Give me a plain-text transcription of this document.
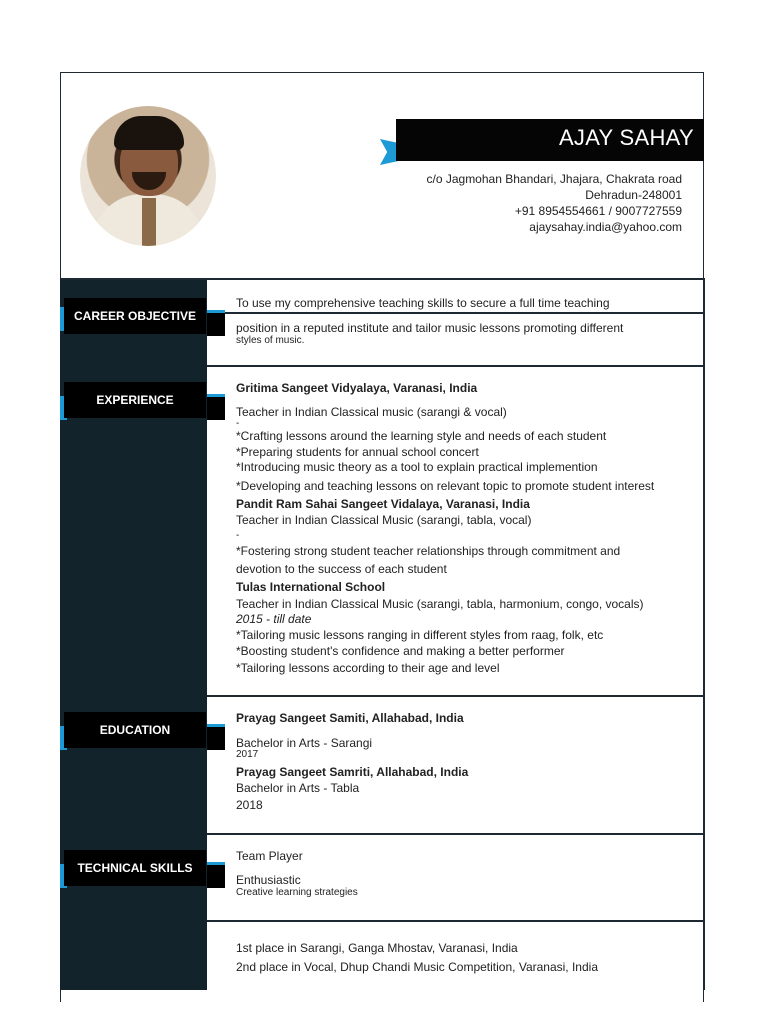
AJAY SAHAY
c/o Jagmohan Bhandari, Jhajara, Chakrata road
Dehradun-248001
+91 8954554661 / 9007727559
ajaysahay.india@yahoo.com
CAREER OBJECTIVE
EXPERIENCE
EDUCATION
TECHNICAL SKILLS
To use my comprehensive teaching skills to secure a full time teaching
position in a reputed institute and tailor music lessons promoting different
styles of music.
Gritima Sangeet Vidyalaya, Varanasi, India
Teacher in Indian Classical music (sarangi & vocal)
-
*Crafting lessons around the learning style and needs of each student
*Preparing students for annual school concert
*Introducing music theory as a tool to explain practical implemention
*Developing and teaching lessons on relevant topic to promote student interest
Pandit Ram Sahai Sangeet Vidalaya, Varanasi, India
Teacher in Indian Classical Music (sarangi, tabla, vocal)
-
*Fostering strong student teacher relationships through commitment and
devotion to the success of each student
Tulas International School
Teacher in Indian Classical Music (sarangi, tabla, harmonium, congo, vocals)
2015 - till date
*Tailoring music lessons ranging in different styles from raag, folk, etc
*Boosting student's confidence and making a better performer
*Tailoring lessons according to their age and level
Prayag Sangeet Samiti, Allahabad, India
Bachelor in Arts - Sarangi
2017
Prayag Sangeet Samriti, Allahabad, India
Bachelor in Arts - Tabla
2018
Team Player
Enthusiastic
Creative learning strategies
1st place in Sarangi, Ganga Mhostav, Varanasi, India
2nd place in Vocal, Dhup Chandi Music Competition, Varanasi, India
